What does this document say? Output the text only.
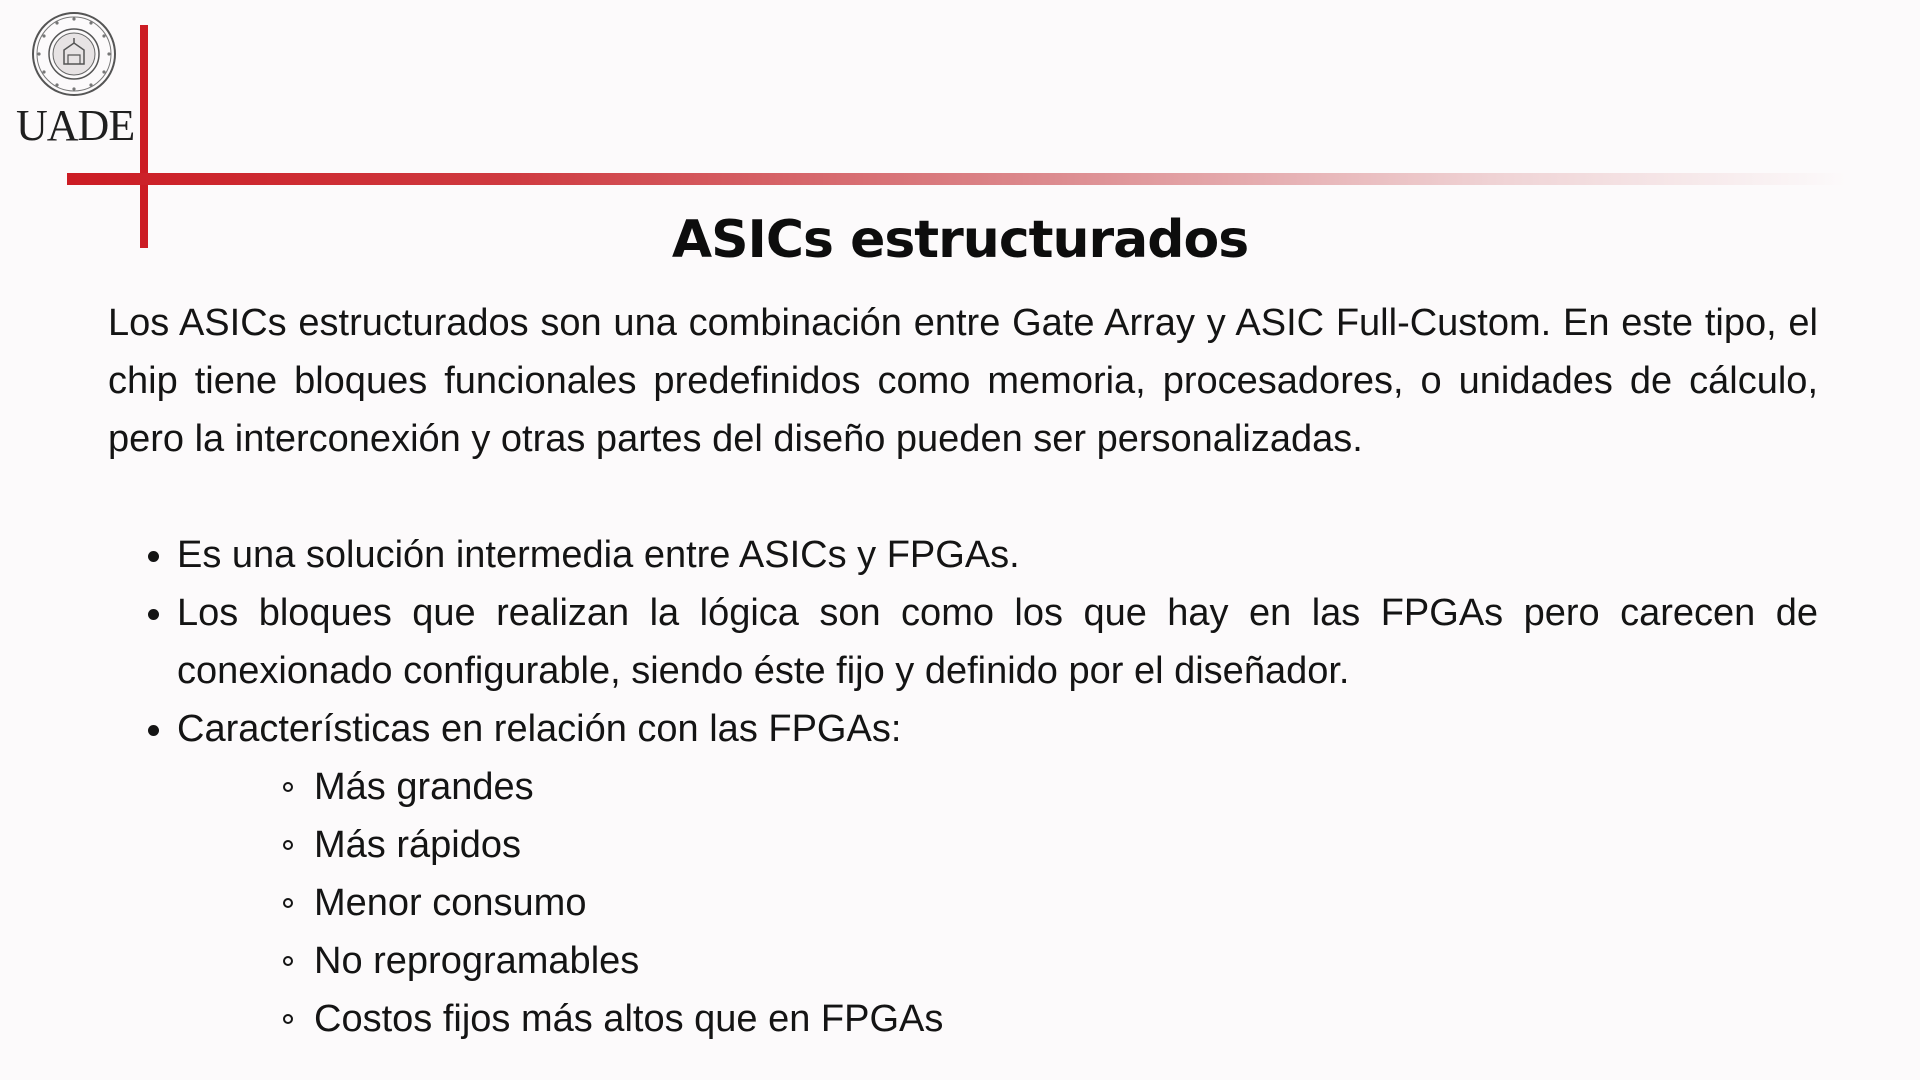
UADE
ASICs estructurados

Los ASICs estructurados son una combinación entre Gate Array y ASIC Full-Custom. En este tipo, el chip tiene bloques funcionales predefinidos como memoria, procesadores, o unidades de cálculo, pero la interconexión y otras partes del diseño pueden ser personalizadas.

Es una solución intermedia entre ASICs y FPGAs.
Los bloques que realizan la lógica son como los que hay en las FPGAs pero carecen de conexionado configurable, siendo éste fijo y definido por el diseñador.
Características en relación con las FPGAs:
Más grandes
Más rápidos
Menor consumo
No reprogramables
Costos fijos más altos que en FPGAs
